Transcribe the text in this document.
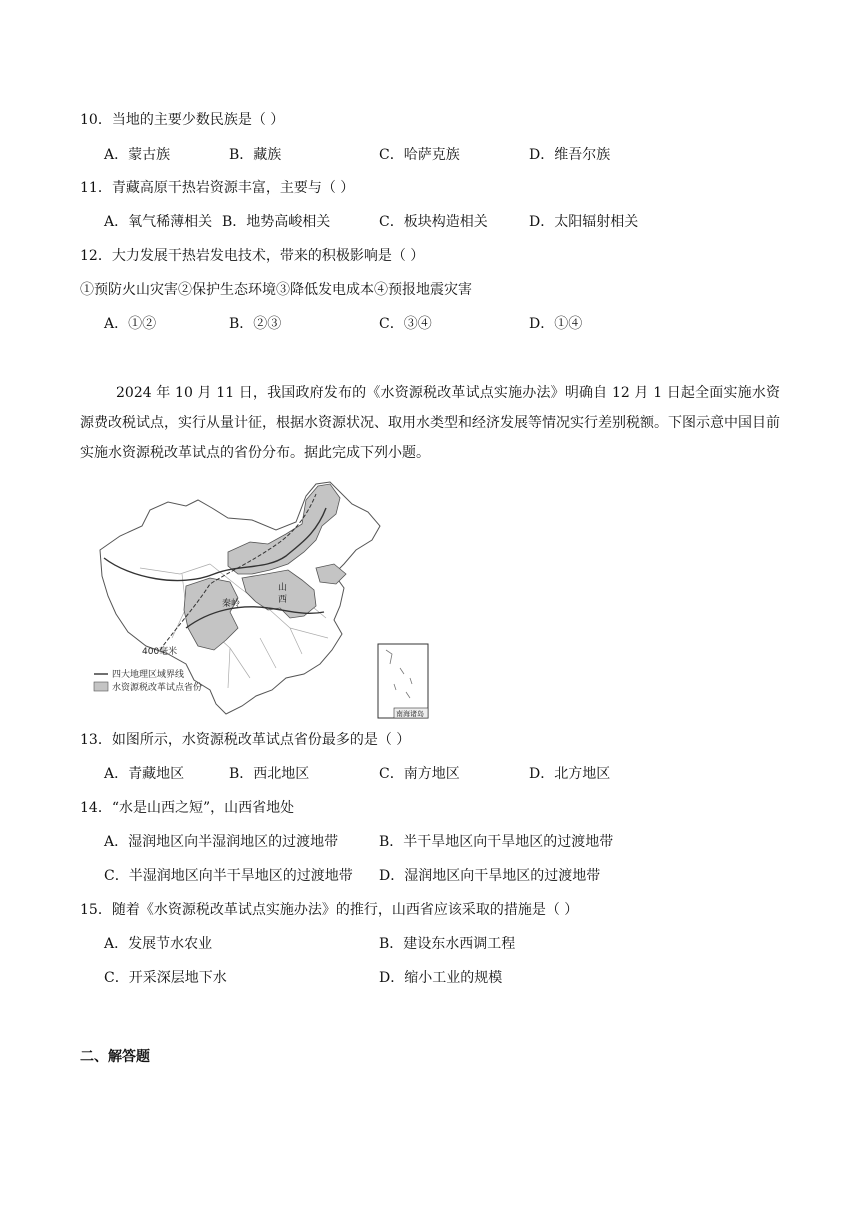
10．当地的主要少数民族是（ ）
A．蒙古族	B．藏族	C．哈萨克族	D．维吾尔族
11．青藏高原干热岩资源丰富，主要与（ ）
A．氧气稀薄相关 B．地势高峻相关	C．板块构造相关	D．太阳辐射相关
12．大力发展干热岩发电技术，带来的积极影响是（ ）
①预防火山灾害②保护生态环境③降低发电成本④预报地震灾害
A．①②	B．②③	C．③④	D．①④
2024 年 10 月 11 日，我国政府发布的《水资源税改革试点实施办法》明确自 12 月 1 日起全面实施水资源费改税试点，实行从量计征，根据水资源状况、取用水类型和经济发展等情况实行差别税额。下图示意中国目前实施水资源税改革试点的省份分布。据此完成下列小题。
山
西
秦岭
400毫米
四大地理区域界线
水资源税改革试点省份
南海诸岛
13．如图所示，水资源税改革试点省份最多的是（ ）
A．青藏地区	B．西北地区	C．南方地区	D．北方地区
14．“水是山西之短”，山西省地处
A．湿润地区向半湿润地区的过渡地带	B．半干旱地区向干旱地区的过渡地带
C．半湿润地区向半干旱地区的过渡地带 D．湿润地区向干旱地区的过渡地带
15．随着《水资源税改革试点实施办法》的推行，山西省应该采取的措施是（ ）
A．发展节水农业	B．建设东水西调工程
C．开采深层地下水	D．缩小工业的规模
二、解答题
